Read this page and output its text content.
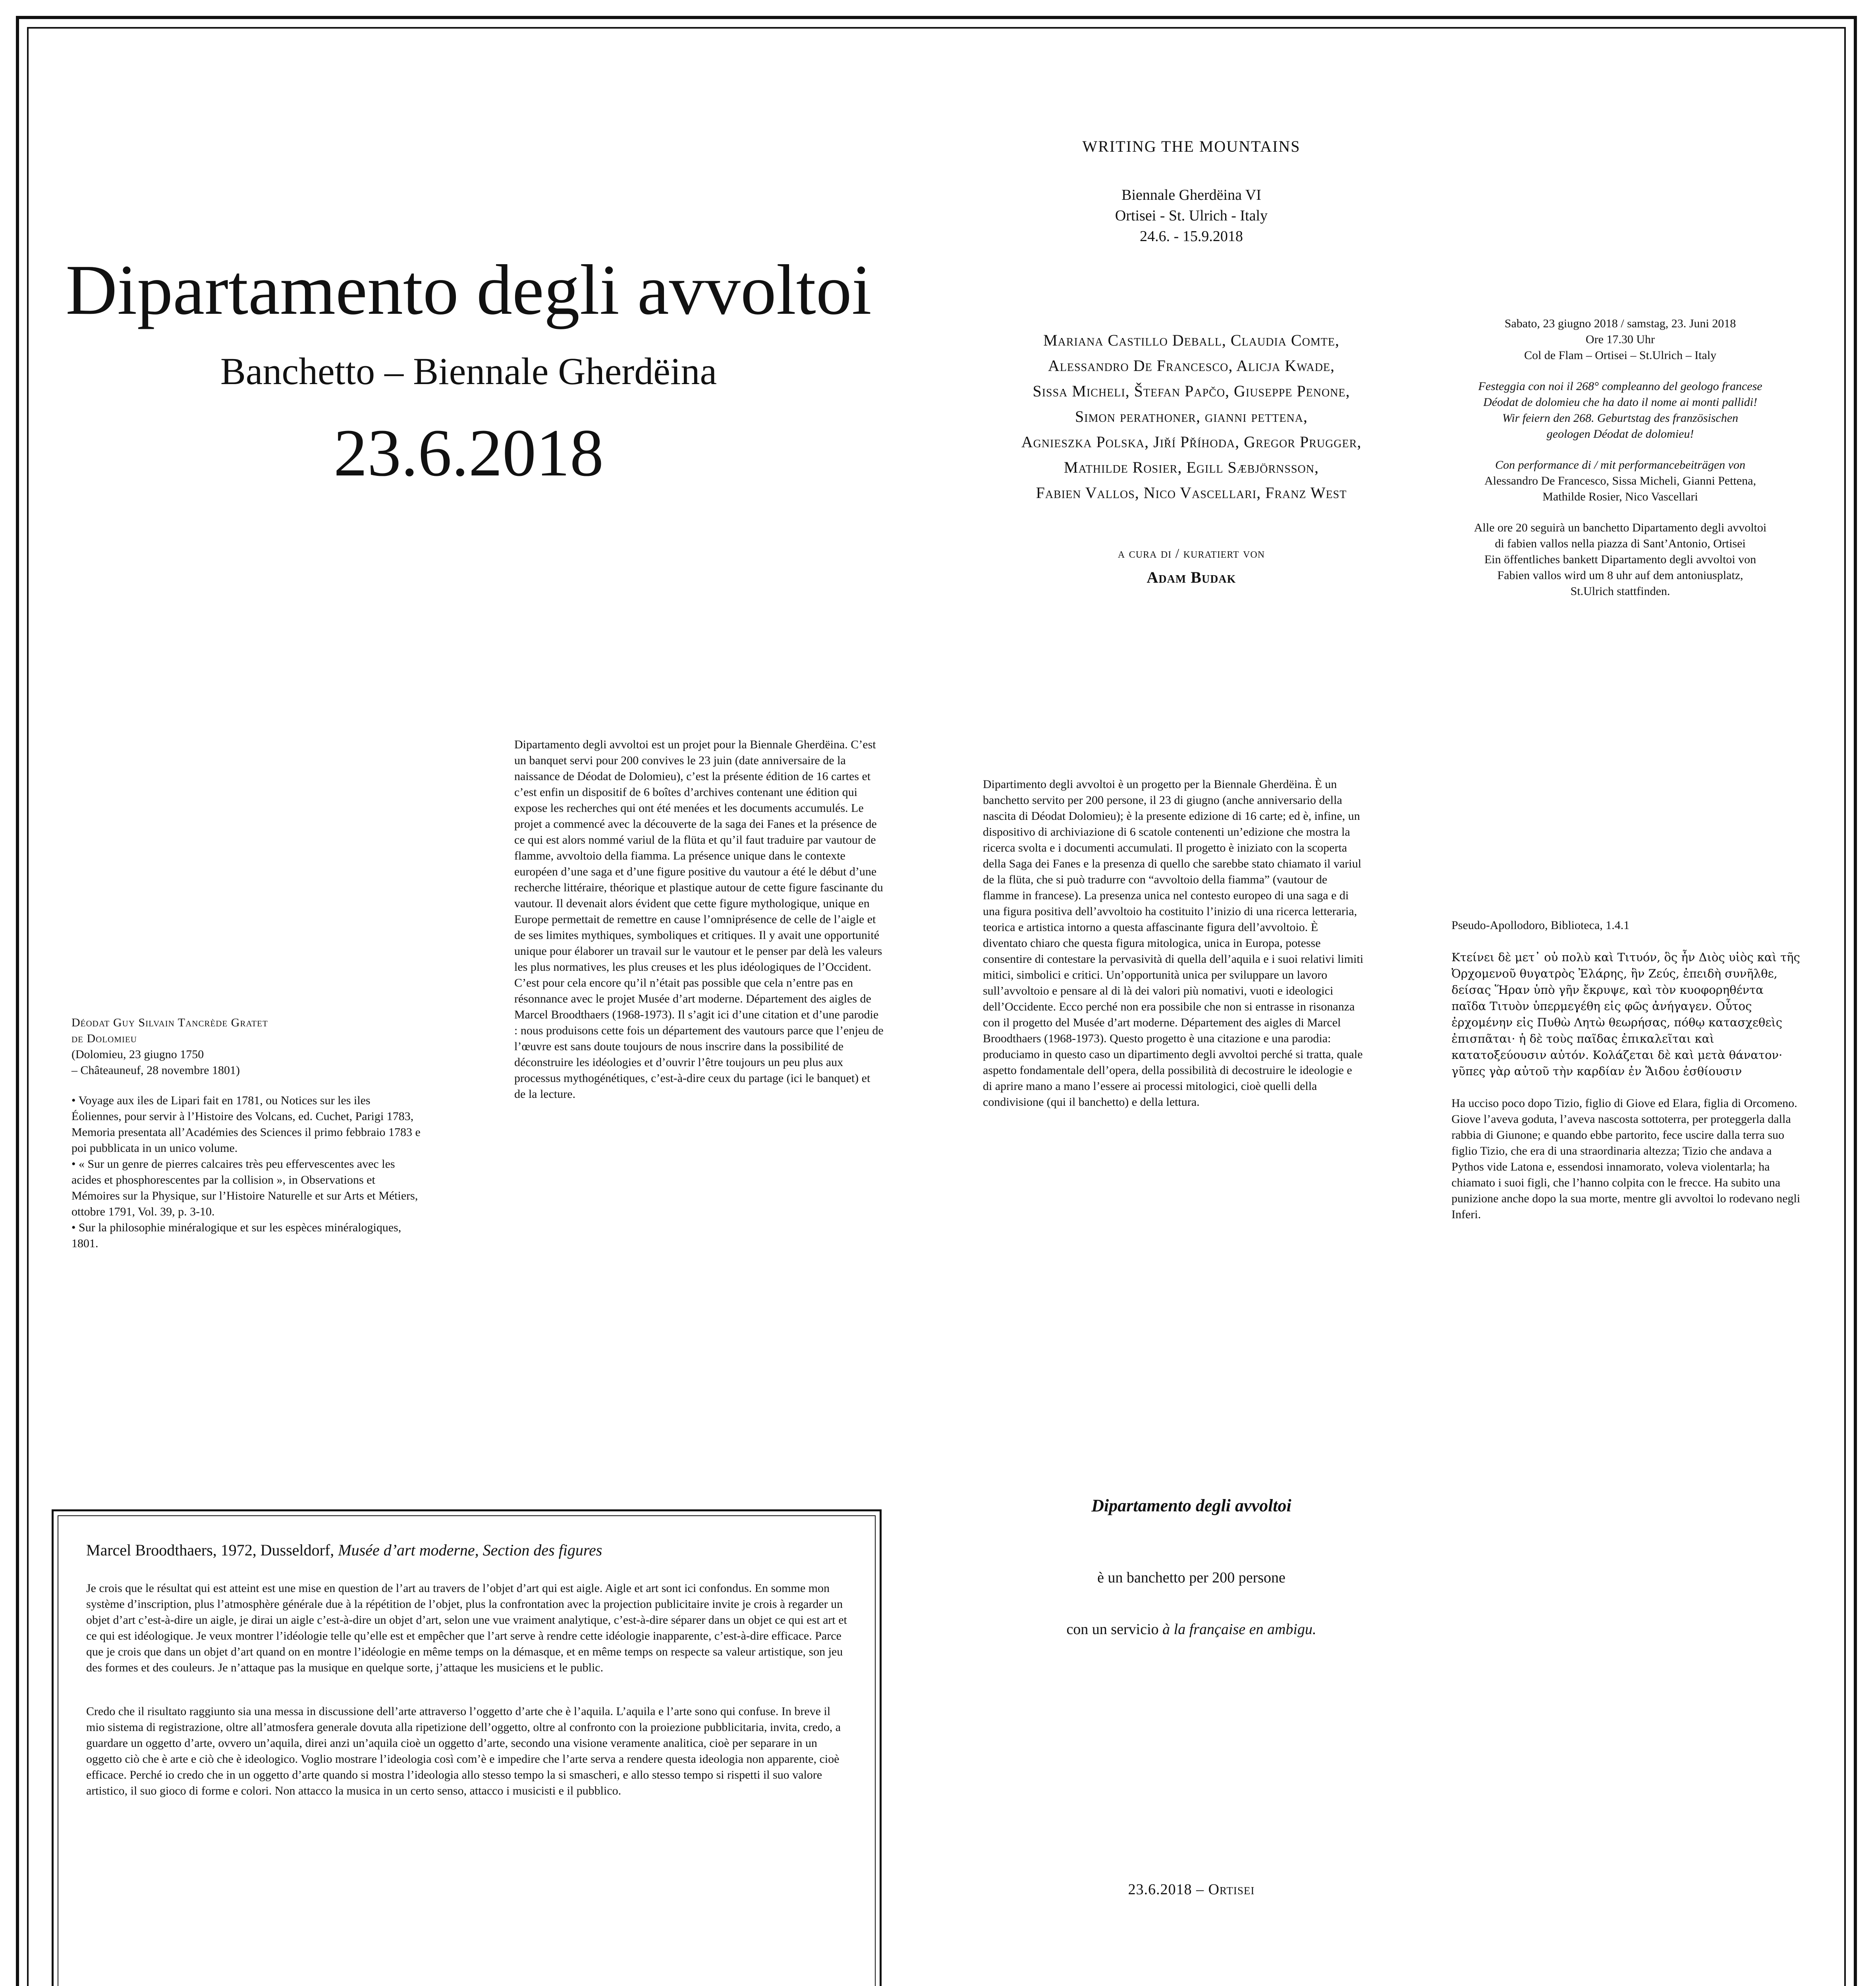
Dipartamento degli avvoltoi
Banchetto – Biennale Gherdëina
23.6.2018
WRITING THE MOUNTAINS
Biennale Gherdëina VI
Ortisei - St. Ulrich - Italy
24.6. - 15.9.2018
Mariana Castillo Deball, Claudia Comte,
Alessandro De Francesco, Alicja Kwade,
Sissa Micheli, Štefan Papčo, Giuseppe Penone,
Simon perathoner, gianni pettena,
Agnieszka Polska, Jiří Příhoda, Gregor Prugger,
Mathilde Rosier, Egill Sæbjörnsson,
Fabien Vallos, Nico Vascellari, Franz West
a cura di / kuratiert von
Adam Budak
Sabato, 23 giugno 2018 / samstag, 23. Juni 2018
Ore 17.30 Uhr
Col de Flam – Ortisei – St.Ulrich – Italy
Festeggia con noi il 268° compleanno del geologo francese
Déodat de dolomieu che ha dato il nome ai monti pallidi!
Wir feiern den 268. Geburtstag des französischen
geologen Déodat de dolomieu!
Con performance di / mit performancebeiträgen von
Alessandro De Francesco, Sissa Micheli, Gianni Pettena,
Mathilde Rosier, Nico Vascellari
Alle ore 20 seguirà un banchetto Dipartamento degli avvoltoi
di fabien vallos nella piazza di Sant’Antonio, Ortisei
Ein öffentliches bankett Dipartamento degli avvoltoi von
Fabien vallos wird um 8 uhr auf dem antoniusplatz,
St.Ulrich stattfinden.
Déodat Guy Silvain Tancrède Gratet
de Dolomieu
(Dolomieu, 23 giugno 1750
– Châteauneuf, 28 novembre 1801)
• Voyage aux iles de Lipari fait en 1781, ou Notices sur les iles Éoliennes, pour servir à l’Histoire des Volcans, ed. Cuchet, Parigi 1783, Memoria presentata all’Académies des Sciences il primo febbraio 1783 e poi pubblicata in un unico volume.
• « Sur un genre de pierres calcaires très peu effervescentes avec les acides et phosphorescentes par la collision », in Observations et Mémoires sur la Physique, sur l’Histoire Naturelle et sur Arts et Métiers, ottobre 1791, Vol. 39, p. 3-10.
• Sur la philosophie minéralogique et sur les espèces minéralogiques, 1801.
Dipartamento degli avvoltoi est un projet pour la Biennale Gherdëina. C’est un banquet servi pour 200 convives le 23 juin (date anniversaire de la naissance de Déodat de Dolomieu), c’est la présente édition de 16 cartes et c’est enfin un dispositif de 6 boîtes d’archives contenant une édition qui expose les recherches qui ont été menées et les documents accumulés. Le projet a commencé avec la découverte de la saga dei Fanes et la présence de ce qui est alors nommé variul de la flüta et qu’il faut traduire par vautour de flamme, avvoltoio della fiamma. La présence unique dans le contexte européen d’une saga et d’une figure positive du vautour a été le début d’une recherche littéraire, théorique et plastique autour de cette figure fascinante du vautour. Il devenait alors évident que cette figure mythologique, unique en Europe permettait de remettre en cause l’omniprésence de celle de l’aigle et de ses limites mythiques, symboliques et critiques. Il y avait une opportunité unique pour élaborer un travail sur le vautour et le penser par delà les valeurs les plus normatives, les plus creuses et les plus idéologiques de l’Occident. C’est pour cela encore qu’il n’était pas possible que cela n’entre pas en résonnance avec le projet Musée d’art moderne. Département des aigles de Marcel Broodthaers (1968-1973). Il s’agit ici d’une citation et d’une parodie : nous produisons cette fois un département des vautours parce que l’enjeu de l’œuvre est sans doute toujours de nous inscrire dans la possibilité de déconstruire les idéologies et d’ouvrir l’être toujours un peu plus aux processus mythogénétiques, c’est-à-dire ceux du partage (ici le banquet) et de la lecture.
Dipartimento degli avvoltoi è un progetto per la Biennale Gherdëina. È un banchetto servito per 200 persone, il 23 di giugno (anche anniversario della nascita di Déodat Dolomieu); è la presente edizione di 16 carte; ed è, infine, un dispositivo di archiviazione di 6 scatole contenenti un’edizione che mostra la ricerca svolta e i documenti accumulati. Il progetto è iniziato con la scoperta della Saga dei Fanes e la presenza di quello che sarebbe stato chiamato il variul de la flüta, che si può tradurre con “avvoltoio della fiamma” (vautour de flamme in francese). La presenza unica nel contesto europeo di una saga e di una figura positiva dell’avvoltoio ha costituito l’inizio di una ricerca letteraria, teorica e artistica intorno a questa affascinante figura dell’avvoltoio. È diventato chiaro che questa figura mitologica, unica in Europa, potesse consentire di contestare la pervasività di quella dell’aquila e i suoi relativi limiti mitici, simbolici e critici. Un’opportunità unica per sviluppare un lavoro sull’avvoltoio e pensare al di là dei valori più nomativi, vuoti e ideologici dell’Occidente. Ecco perché non era possibile che non si entrasse in risonanza con il progetto del Musée d’art moderne. Département des aigles di Marcel Broodthaers (1968-1973). Questo progetto è una citazione e una parodia: produciamo in questo caso un dipartimento degli avvoltoi perché si tratta, quale aspetto fondamentale dell’opera, della possibilità di decostruire le ideologie e di aprire mano a mano l’essere ai processi mitologici, cioè quelli della condivisione (qui il banchetto) e della lettura.
Pseudo-Apollodoro, Biblioteca, 1.4.1
Κτείνει δὲ μετ᾽ οὐ πολὺ καὶ Τιτυόν, ὃς ἦν Διὸς υἱὸς καὶ τῆς Ὀρχομενοῦ θυγατρὸς Ἐλάρης, ἣν Ζεύς, ἐπειδὴ συνῆλθε, δείσας Ἥραν ὑπὸ γῆν ἔκρυψε, καὶ τὸν κυοφορηθέντα παῖδα Τιτυὸν ὑπερμεγέθη εἰς φῶς ἀνήγαγεν. Οὗτος ἐρχομένην εἰς Πυθὼ Λητὼ θεωρήσας, πόθῳ κατασχεθεὶς ἐπισπᾶται· ἡ δὲ τοὺς παῖδας ἐπικαλεῖται καὶ κατατοξεύουσιν αὐτόν. Κολάζεται δὲ καὶ μετὰ θάνατον· γῦπες γὰρ αὐτοῦ τὴν καρδίαν ἐν Ἅιδου ἐσθίουσιν
Ha ucciso poco dopo Tizio, figlio di Giove ed Elara, figlia di Orcomeno. Giove l’aveva goduta, l’aveva nascosta sottoterra, per proteggerla dalla rabbia di Giunone; e quando ebbe partorito, fece uscire dalla terra suo figlio Tizio, che era di una straordinaria altezza; Tizio che andava a Pythos vide Latona e, essendosi innamorato, voleva violentarla; ha chiamato i suoi figli, che l’hanno colpita con le frecce. Ha subito una punizione anche dopo la sua morte, mentre gli avvoltoi lo rodevano negli Inferi.
Marcel Broodthaers, 1972, Dusseldorf, Musée d’art moderne, Section des figures
Je crois que le résultat qui est atteint est une mise en question de l’art au travers de l’objet d’art qui est aigle. Aigle et art sont ici confondus. En somme mon système d’inscription, plus l’atmosphère générale due à la répétition de l’objet, plus la confrontation avec la projection publicitaire invite je crois à regarder un objet d’art c’est-à-dire un aigle, je dirai un aigle c’est-à-dire un objet d’art, selon une vue vraiment analytique, c’est-à-dire séparer dans un objet ce qui est art et ce qui est idéologique. Je veux montrer l’idéologie telle qu’elle est et empêcher que l’art serve à rendre cette idéologie inapparente, c’est-à-dire efficace. Parce que je crois que dans un objet d’art quand on en montre l’idéologie en même temps on la démasque, et en même temps on respecte sa valeur artistique, son jeu des formes et des couleurs. Je n’attaque pas la musique en quelque sorte, j’attaque les musiciens et le public.
Credo che il risultato raggiunto sia una messa in discussione dell’arte attraverso l’oggetto d’arte che è l’aquila. L’aquila e l’arte sono qui confuse. In breve il mio sistema di registrazione, oltre all’atmosfera generale dovuta alla ripetizione dell’oggetto, oltre al confronto con la proiezione pubblicitaria, invita, credo, a guardare un oggetto d’arte, ovvero un’aquila, direi anzi un’aquila cioè un oggetto d’arte, secondo una visione veramente analitica, cioè per separare in un oggetto ciò che è arte e ciò che è ideologico. Voglio mostrare l’ideologia così com’è e impedire che l’arte serva a rendere questa ideologia non apparente, cioè efficace. Perché io credo che in un oggetto d’arte quando si mostra l’ideologia allo stesso tempo la si smascheri, e allo stesso tempo si rispetti il suo valore artistico, il suo gioco di forme e colori. Non attacco la musica in un certo senso, attacco i musicisti e il pubblico.
Dipartamento degli avvoltoi
è un banchetto per 200 persone
con un servicio à la française en ambigu.
23.6.2018 – Ortisei
